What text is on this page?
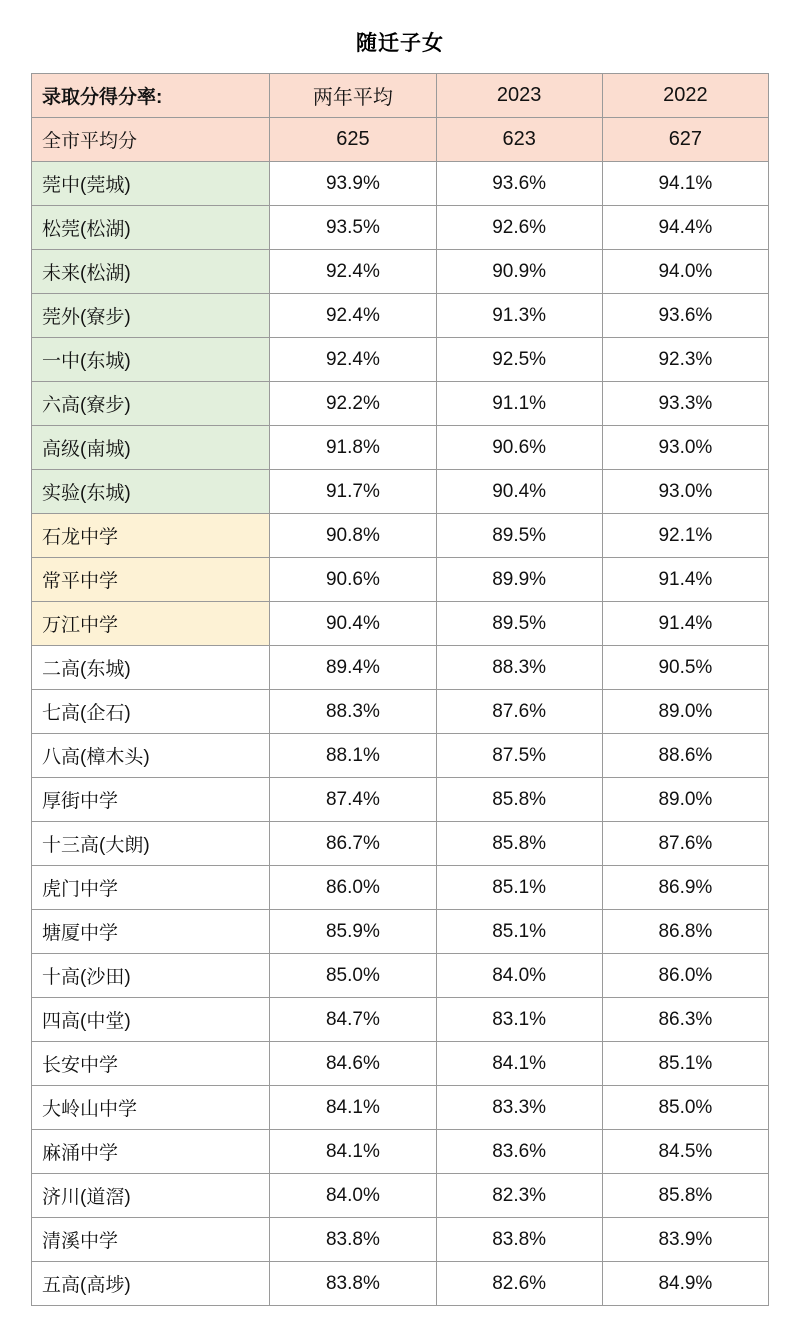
随迁子女
录取分得分率:	两年平均	2023	2022
全市平均分	625	623	627
莞中(莞城)	93.9%	93.6%	94.1%
松莞(松湖)	93.5%	92.6%	94.4%
未来(松湖)	92.4%	90.9%	94.0%
莞外(寮步)	92.4%	91.3%	93.6%
一中(东城)	92.4%	92.5%	92.3%
六高(寮步)	92.2%	91.1%	93.3%
高级(南城)	91.8%	90.6%	93.0%
实验(东城)	91.7%	90.4%	93.0%
石龙中学	90.8%	89.5%	92.1%
常平中学	90.6%	89.9%	91.4%
万江中学	90.4%	89.5%	91.4%
二高(东城)	89.4%	88.3%	90.5%
七高(企石)	88.3%	87.6%	89.0%
八高(樟木头)	88.1%	87.5%	88.6%
厚街中学	87.4%	85.8%	89.0%
十三高(大朗)	86.7%	85.8%	87.6%
虎门中学	86.0%	85.1%	86.9%
塘厦中学	85.9%	85.1%	86.8%
十高(沙田)	85.0%	84.0%	86.0%
四高(中堂)	84.7%	83.1%	86.3%
长安中学	84.6%	84.1%	85.1%
大岭山中学	84.1%	83.3%	85.0%
麻涌中学	84.1%	83.6%	84.5%
济川(道滘)	84.0%	82.3%	85.8%
清溪中学	83.8%	83.8%	83.9%
五高(高埗)	83.8%	82.6%	84.9%
